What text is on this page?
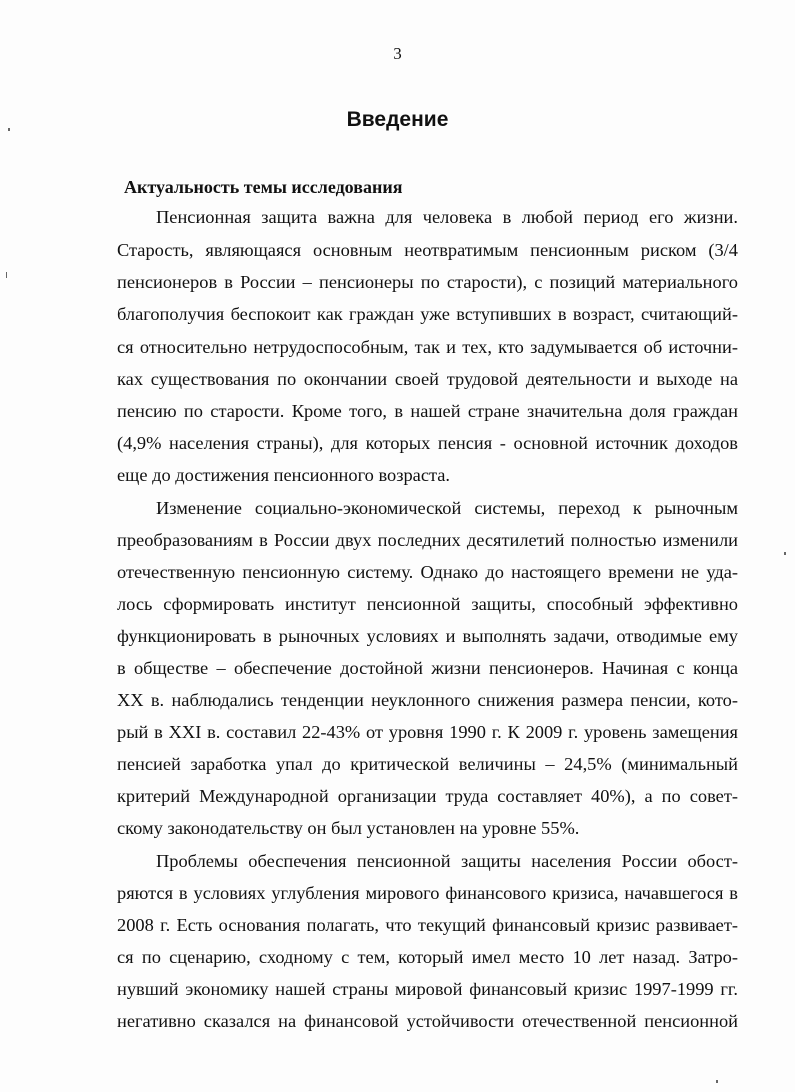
3
Введение
Актуальность темы исследования
Пенсионная защита важна для человека в любой период его жизни.
Старость, являющаяся основным неотвратимым пенсионным риском (3/4
пенсионеров в России – пенсионеры по старости), с позиций материального
благополучия беспокоит как граждан уже вступивших в возраст, считающий-
ся относительно нетрудоспособным, так и тех, кто задумывается об источни-
ках существования по окончании своей трудовой деятельности и выходе на
пенсию по старости. Кроме того, в нашей стране значительна доля граждан
(4,9% населения страны), для которых пенсия - основной источник доходов
еще до достижения пенсионного возраста.
Изменение социально-экономической системы, переход к рыночным
преобразованиям в России двух последних десятилетий полностью изменили
отечественную пенсионную систему. Однако до настоящего времени не уда-
лось сформировать институт пенсионной защиты, способный эффективно
функционировать в рыночных условиях и выполнять задачи, отводимые ему
в обществе – обеспечение достойной жизни пенсионеров. Начиная с конца
XX в. наблюдались тенденции неуклонного снижения размера пенсии, кото-
рый в XXI в. составил 22-43% от уровня 1990 г. К 2009 г. уровень замещения
пенсией заработка упал до критической величины – 24,5% (минимальный
критерий Международной организации труда составляет 40%), а по совет-
скому законодательству он был установлен на уровне 55%.
Проблемы обеспечения пенсионной защиты населения России обост-
ряются в условиях углубления мирового финансового кризиса, начавшегося в
2008 г. Есть основания полагать, что текущий финансовый кризис развивает-
ся по сценарию, сходному с тем, который имел место 10 лет назад. Затро-
нувший экономику нашей страны мировой финансовый кризис 1997-1999 гг.
негативно сказался на финансовой устойчивости отечественной пенсионной
